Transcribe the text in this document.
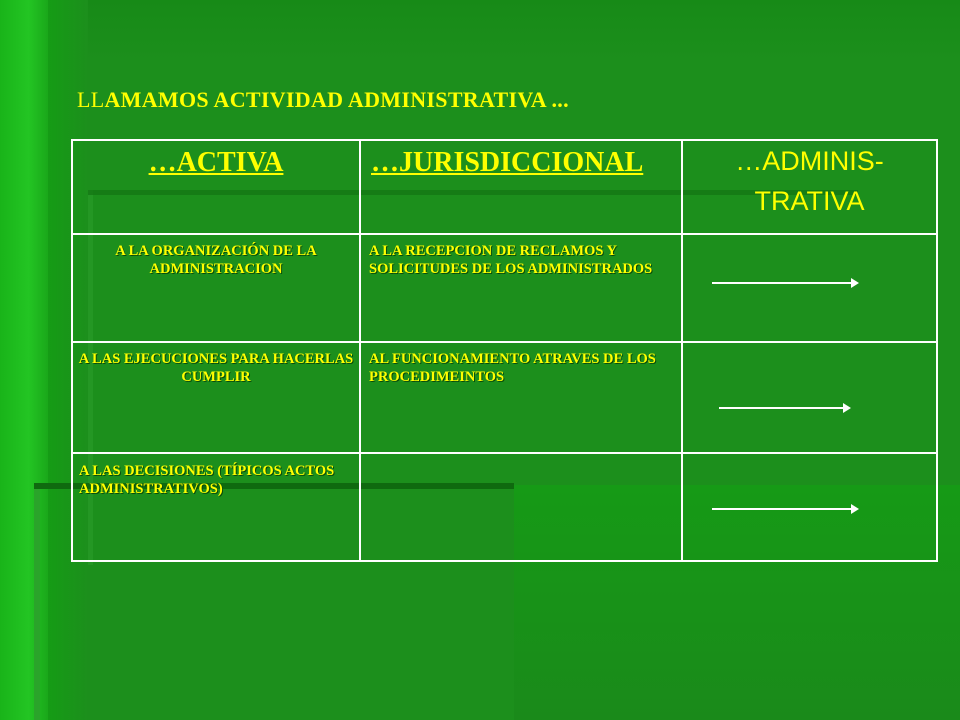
LLAMAMOS ACTIVIDAD ADMINISTRATIVA ...
…ACTIVA	…JURISDICCIONAL	…ADMINIS-
TRATIVA

A LA ORGANIZACIÓN DE LA ADMINISTRACION	A LA RECEPCION DE RECLAMOS Y SOLICITUDES DE LOS ADMINISTRADOS	

A LAS EJECUCIONES PARA HACERLAS CUMPLIR	AL FUNCIONAMIENTO ATRAVES DE LOS PROCEDIMEINTOS	

A LAS DECISIONES (TÍPICOS ACTOS ADMINISTRATIVOS)		
